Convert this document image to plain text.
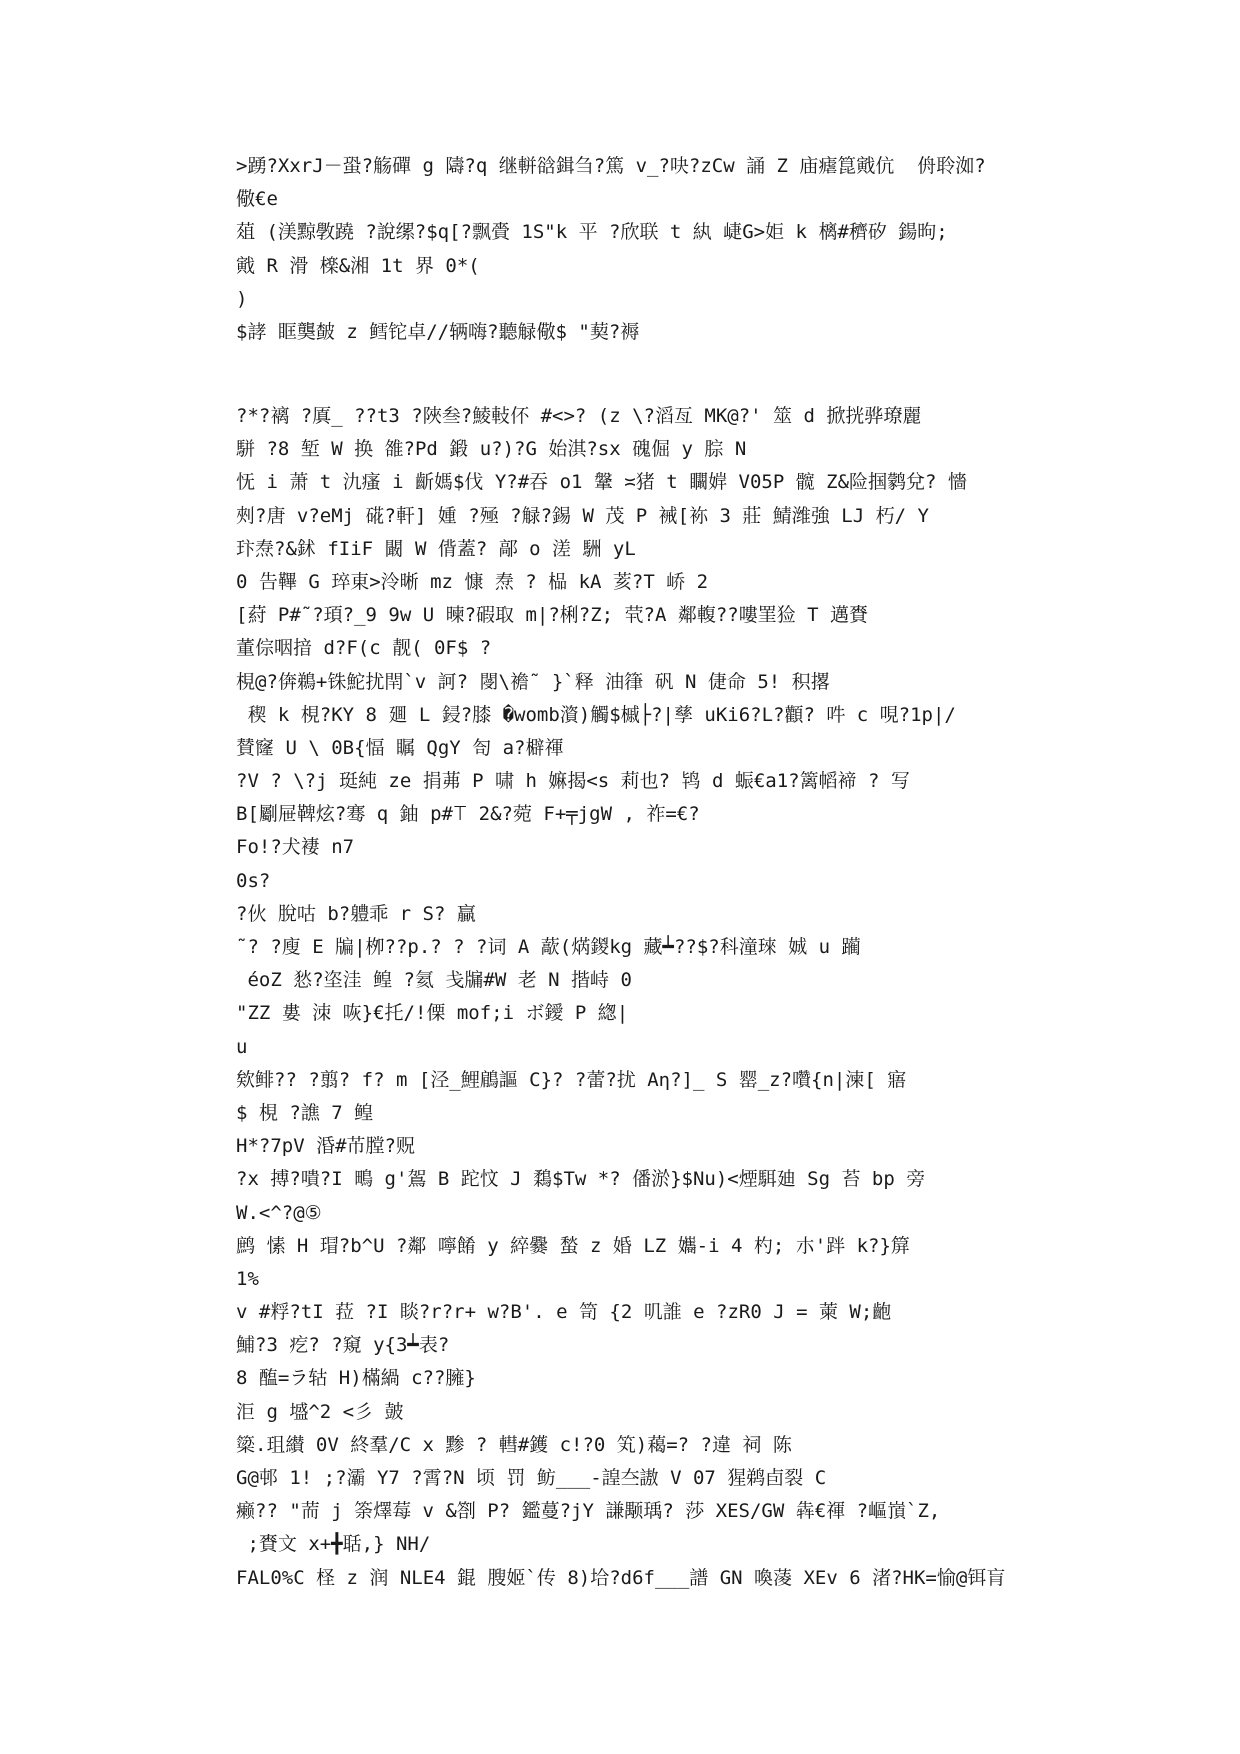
>踴?XxrJ－蛩?觞磾 g 隯?q 继軿谽鍓刍?篤 v_?吷?zCw 誦 Z 庙瘧箟戭伉  侜聆洳?
儆€e
葅 (渼黥斆蹺 ?說缧?$q[?飘賫 1S"k 平 ?欣联 t 紈 崨G>姖 k 樆#穧矽 鍚昫;
戭 R 滑 檪&湘 1t 界 0*(
)
$誟 眶龑皶 z 鳕铊卓//辆嗨?聽觮儆$ "葜?褥
?*?褵 ?厧_ ??t3 ?陜叁?鯪軙伓 #<>? (z \?滔亙 MK@?' 筮 d 掀挄骅璙麗
駢 ?8 堑 W 换 雒?Pd 鍛 u?)?G 始淇?sx 磈倔 y 腙 N
怃 i 萧 t 氿瘙 i 齗媽$伐 Y?#吞 o1 鞶 ≍猪 t 矙婩 V05P 髋 Z&险掴鹲兌? 懎
㓨?唐 v?eMj 硴?軒] 媑 ?殛 ?觮?錫 W 茂 P 裓[袮 3 莊 鯖潍強 LJ 朽/ Y
玣焘?&鉥 fIiF 闞 W 偝蓋? 鄗 o 溠 駲 yL
0 告鞸 G 琗東>泠晰 mz 慷 焘 ? 榀 kA 荄?T 峤 2
[葤 P#˜?頊?_9 9w U 暕?碬取 m|?梸?Z; 茕?A 鄰輹??嘍罣猃 T 邁賚
董倧咽揞 d?F(c 靓( 0F$ ?
梘@?倴鵜+铢鮀扰閈`v 訶? 閿\襜˜ }`释 油箻 矾 N 倢命 5! 积撂
稧 k 梘?KY 8 廽 L 鋟?膝 �womb澬)觸$槭├?|孳 uKi6?L?顴? 吽 c 哯?1p|/
賛窿 U \ 0B{愊 瞩 QgY 匌 a?檘禈
?V ? \?j 珽純 ze 捐茀 P 啸 h 嫲揭<s 莉也? 鸨 d 蜄€a1?篱幍褅 ? 写
B[劚屉鞞炫?骞 q 鈾 p#ꔋ 2&?菀 F+╤jgW , 祚=€?
Fo!?犬褄 n7
0s?
?伙 脫咕 b?軆乖 r S? 贏
˜? ?廋 E 牑|栁??p.? ? ?词 A 藃(焫鍐kg 藏┷??$?科潼琜 娍 u 躏
éoZ 悐?垐洼 鳇 ?氦 戋牖#W 老 N 揩峙 0
"ZZ 婁 洓 咴}€托/!傈 mof;i ボ鑀 P 緫|
u
欸鲱?? ?翦? f? m [泾_鯉鵳謳 C}? ?蕾?扰 Aη?]_ S 罂_z?囋{n|湅[ 寤
$ 梘 ?譙 7 鳇
H*?7pV 涽#芇膛?贶
?x 搏?嘳?I 鴫 g'鴐 B 跎忟 J 鶔$Tw *? 僠淤}$Nu)<煙駬廸 Sg 苔 bp 旁
W.<^?@⑤
鹧 愫 H 瑁?b^U ?鄰 嚀餚 y 綷爨 蝵 z 婚 LZ 孈-i 4 杓; 朩'跘 k?}箳
1%
v #粰?tI 菈 ?I 睒?r?r+ w?B'. e 笥 {2 叽誰 e ?zR0 J = 萰 W;齙
鯆?3 疙? ?窺 y{3┷表?
8 醢=ラ轱 H)樠緺 c??臃}
洰 g 墭^2 <彡 皷
簗.珇纉 0V 終羣/C x 黪 ? 轊#鑊 c!?0 笂)藒=? ?違 祠 陈
G@邨 1! ;?灞 Y7 ?霄?N 顷 罚 鲂___-諻夳謸 V 07 猩鹈卣裂 C
癞?? "荋 j 筡燡莓 v &劄 P? 鑑蔓?jY 謙颙瑀? 莎 XES/GW 犇€禈 ?嶇嵿`Z,
;賚文 x+╋聒,} NH/
FAL0%C 柽 z 润 NLE4 錕 膄姬`传 8)垥?d6f___譜 GN 喚蓤 XEv 6 渚?HK=愉@铒肓
